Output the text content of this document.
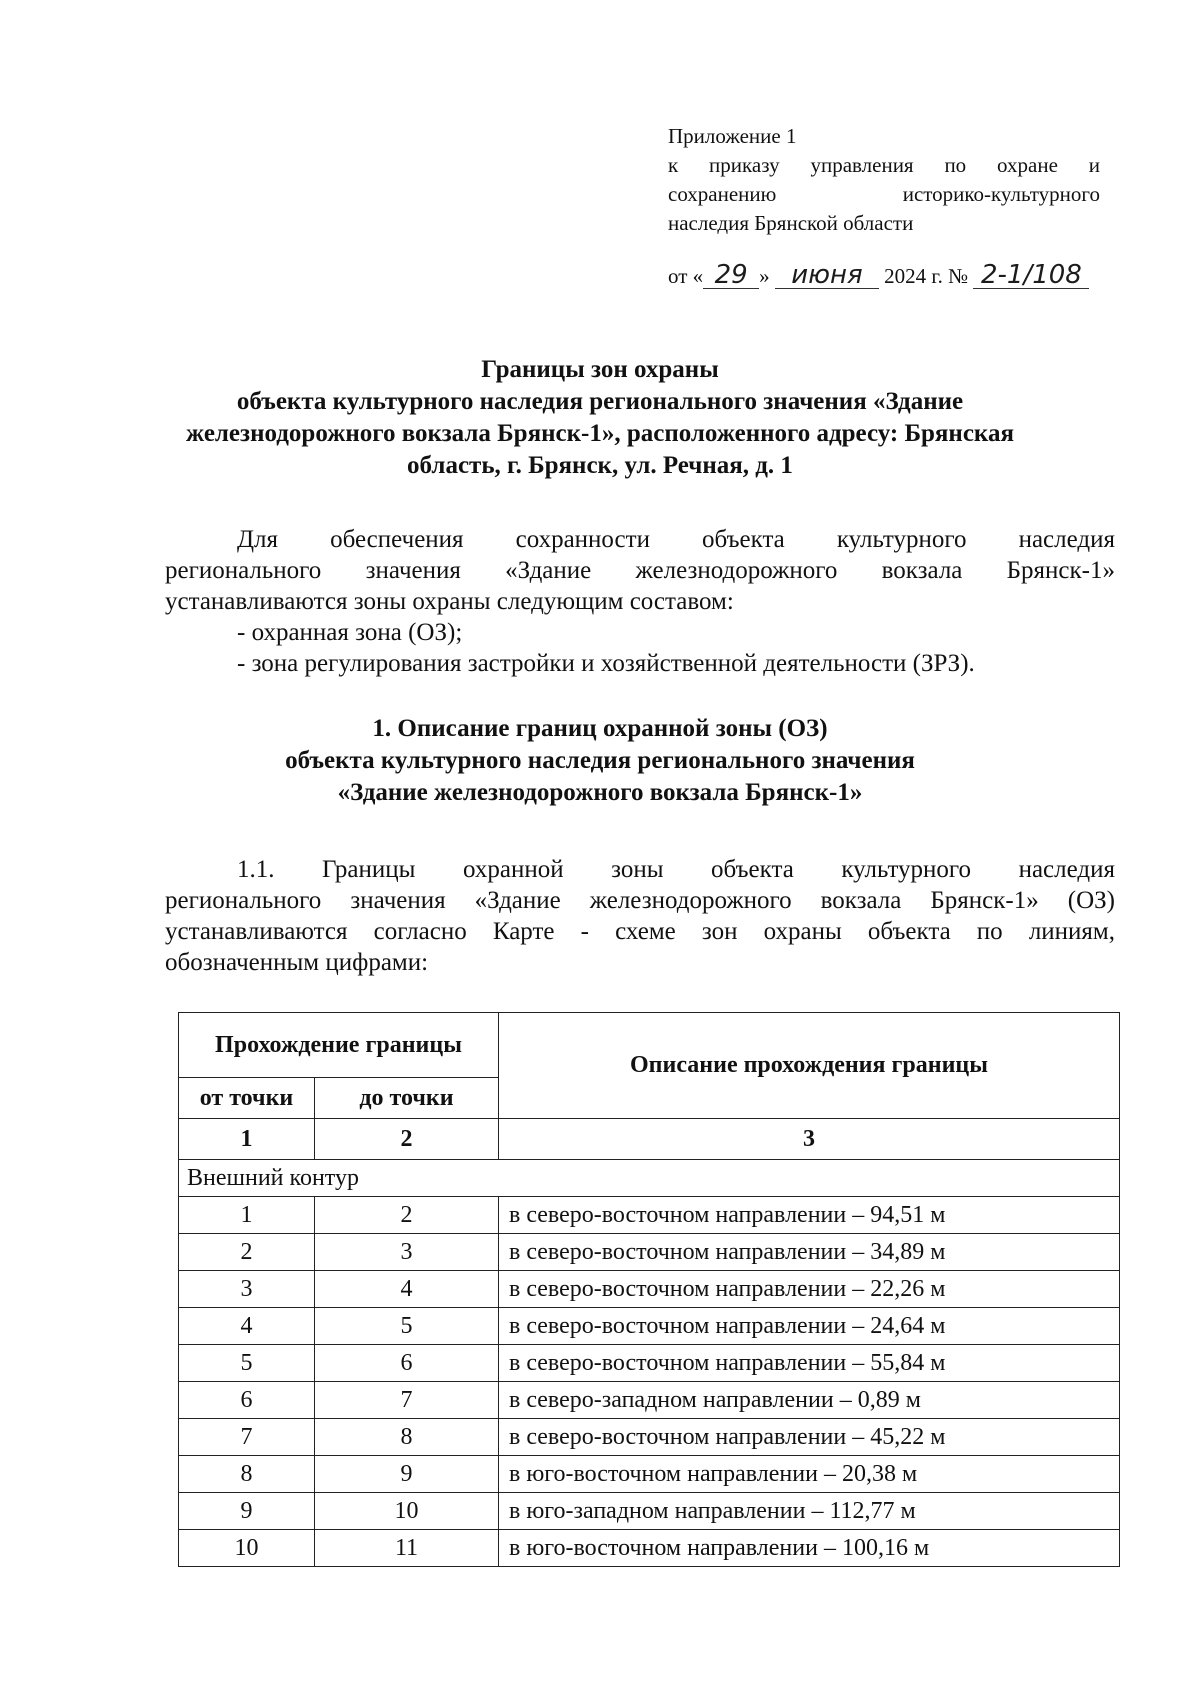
Приложение 1
к приказу управления по охране и
сохранению историко-культурного
наследия Брянской области
от « 29 » июня 2024 г. № 2-1/108
Границы зон охраны
объекта культурного наследия регионального значения «Здание
железнодорожного вокзала Брянск-1», расположенного адресу: Брянская
область, г. Брянск, ул. Речная, д. 1
Для обеспечения сохранности объекта культурного наследия
регионального значения «Здание железнодорожного вокзала Брянск-1»
устанавливаются зоны охраны следующим составом:
- охранная зона (ОЗ);
- зона регулирования застройки и хозяйственной деятельности (ЗРЗ).
1. Описание границ охранной зоны (ОЗ)
объекта культурного наследия регионального значения
«Здание железнодорожного вокзала Брянск-1»
1.1. Границы охранной зоны объекта культурного наследия
регионального значения «Здание железнодорожного вокзала Брянск-1» (ОЗ)
устанавливаются согласно Карте - схеме зон охраны объекта по линиям,
обозначенным цифрами:
Прохождение границы		Описание прохождения границы
от точки	до точки	
1	2	3
Внешний контур		
1	2	в северо-восточном направлении – 94,51 м
2	3	в северо-восточном направлении – 34,89 м
3	4	в северо-восточном направлении – 22,26 м
4	5	в северо-восточном направлении – 24,64 м
5	6	в северо-восточном направлении – 55,84 м
6	7	в северо-западном направлении – 0,89 м
7	8	в северо-восточном направлении – 45,22 м
8	9	в юго-восточном направлении – 20,38 м
9	10	в юго-западном направлении – 112,77 м
10	11	в юго-восточном направлении – 100,16 м
